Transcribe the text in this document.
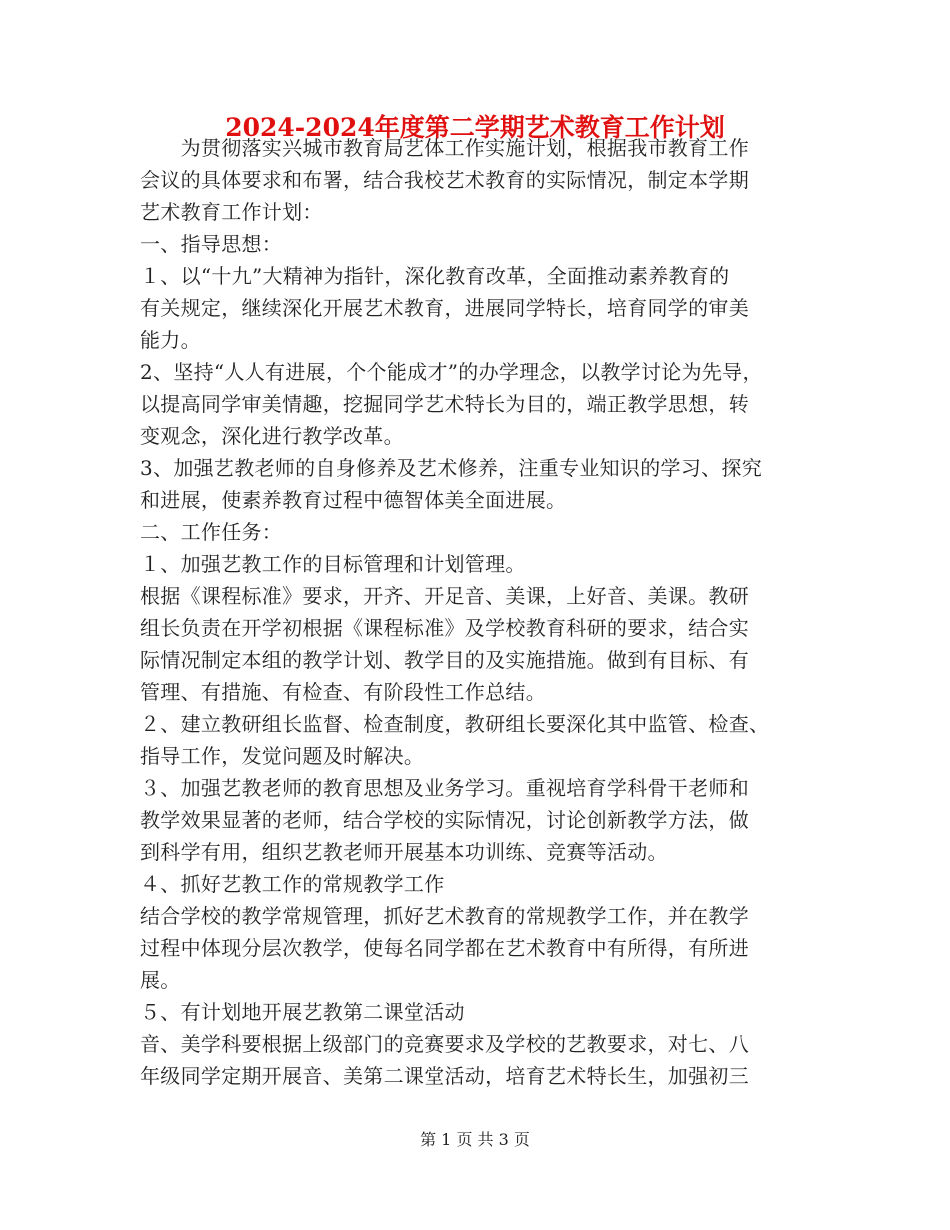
2024-2024年度第二学期艺术教育工作计划
　　为贯彻落实兴城市教育局艺体工作实施计划，根据我市教育工作
会议的具体要求和布署，结合我校艺术教育的实际情况，制定本学期
艺术教育工作计划：
一、指导思想：
１、以“十九”大精神为指针，深化教育改革，全面推动素养教育的
有关规定，继续深化开展艺术教育，进展同学特长，培育同学的审美
能力。
2、坚持“人人有进展，个个能成才”的办学理念，以教学讨论为先导，
以提高同学审美情趣，挖掘同学艺术特长为目的，端正教学思想，转
变观念，深化进行教学改革。
3、加强艺教老师的自身修养及艺术修养，注重专业知识的学习、探究
和进展，使素养教育过程中德智体美全面进展。
二、工作任务：
１、加强艺教工作的目标管理和计划管理。
根据《课程标准》要求，开齐、开足音、美课，上好音、美课。教研
组长负责在开学初根据《课程标准》及学校教育科研的要求，结合实
际情况制定本组的教学计划、教学目的及实施措施。做到有目标、有
管理、有措施、有检查、有阶段性工作总结。
２、建立教研组长监督、检查制度，教研组长要深化其中监管、检查、
指导工作，发觉问题及时解决。
３、加强艺教老师的教育思想及业务学习。重视培育学科骨干老师和
教学效果显著的老师，结合学校的实际情况，讨论创新教学方法，做
到科学有用，组织艺教老师开展基本功训练、竞赛等活动。
４、抓好艺教工作的常规教学工作
结合学校的教学常规管理，抓好艺术教育的常规教学工作，并在教学
过程中体现分层次教学，使每名同学都在艺术教育中有所得，有所进
展。
５、有计划地开展艺教第二课堂活动
音、美学科要根据上级部门的竞赛要求及学校的艺教要求，对七、八
年级同学定期开展音、美第二课堂活动，培育艺术特长生，加强初三
第 1 页 共 3 页
